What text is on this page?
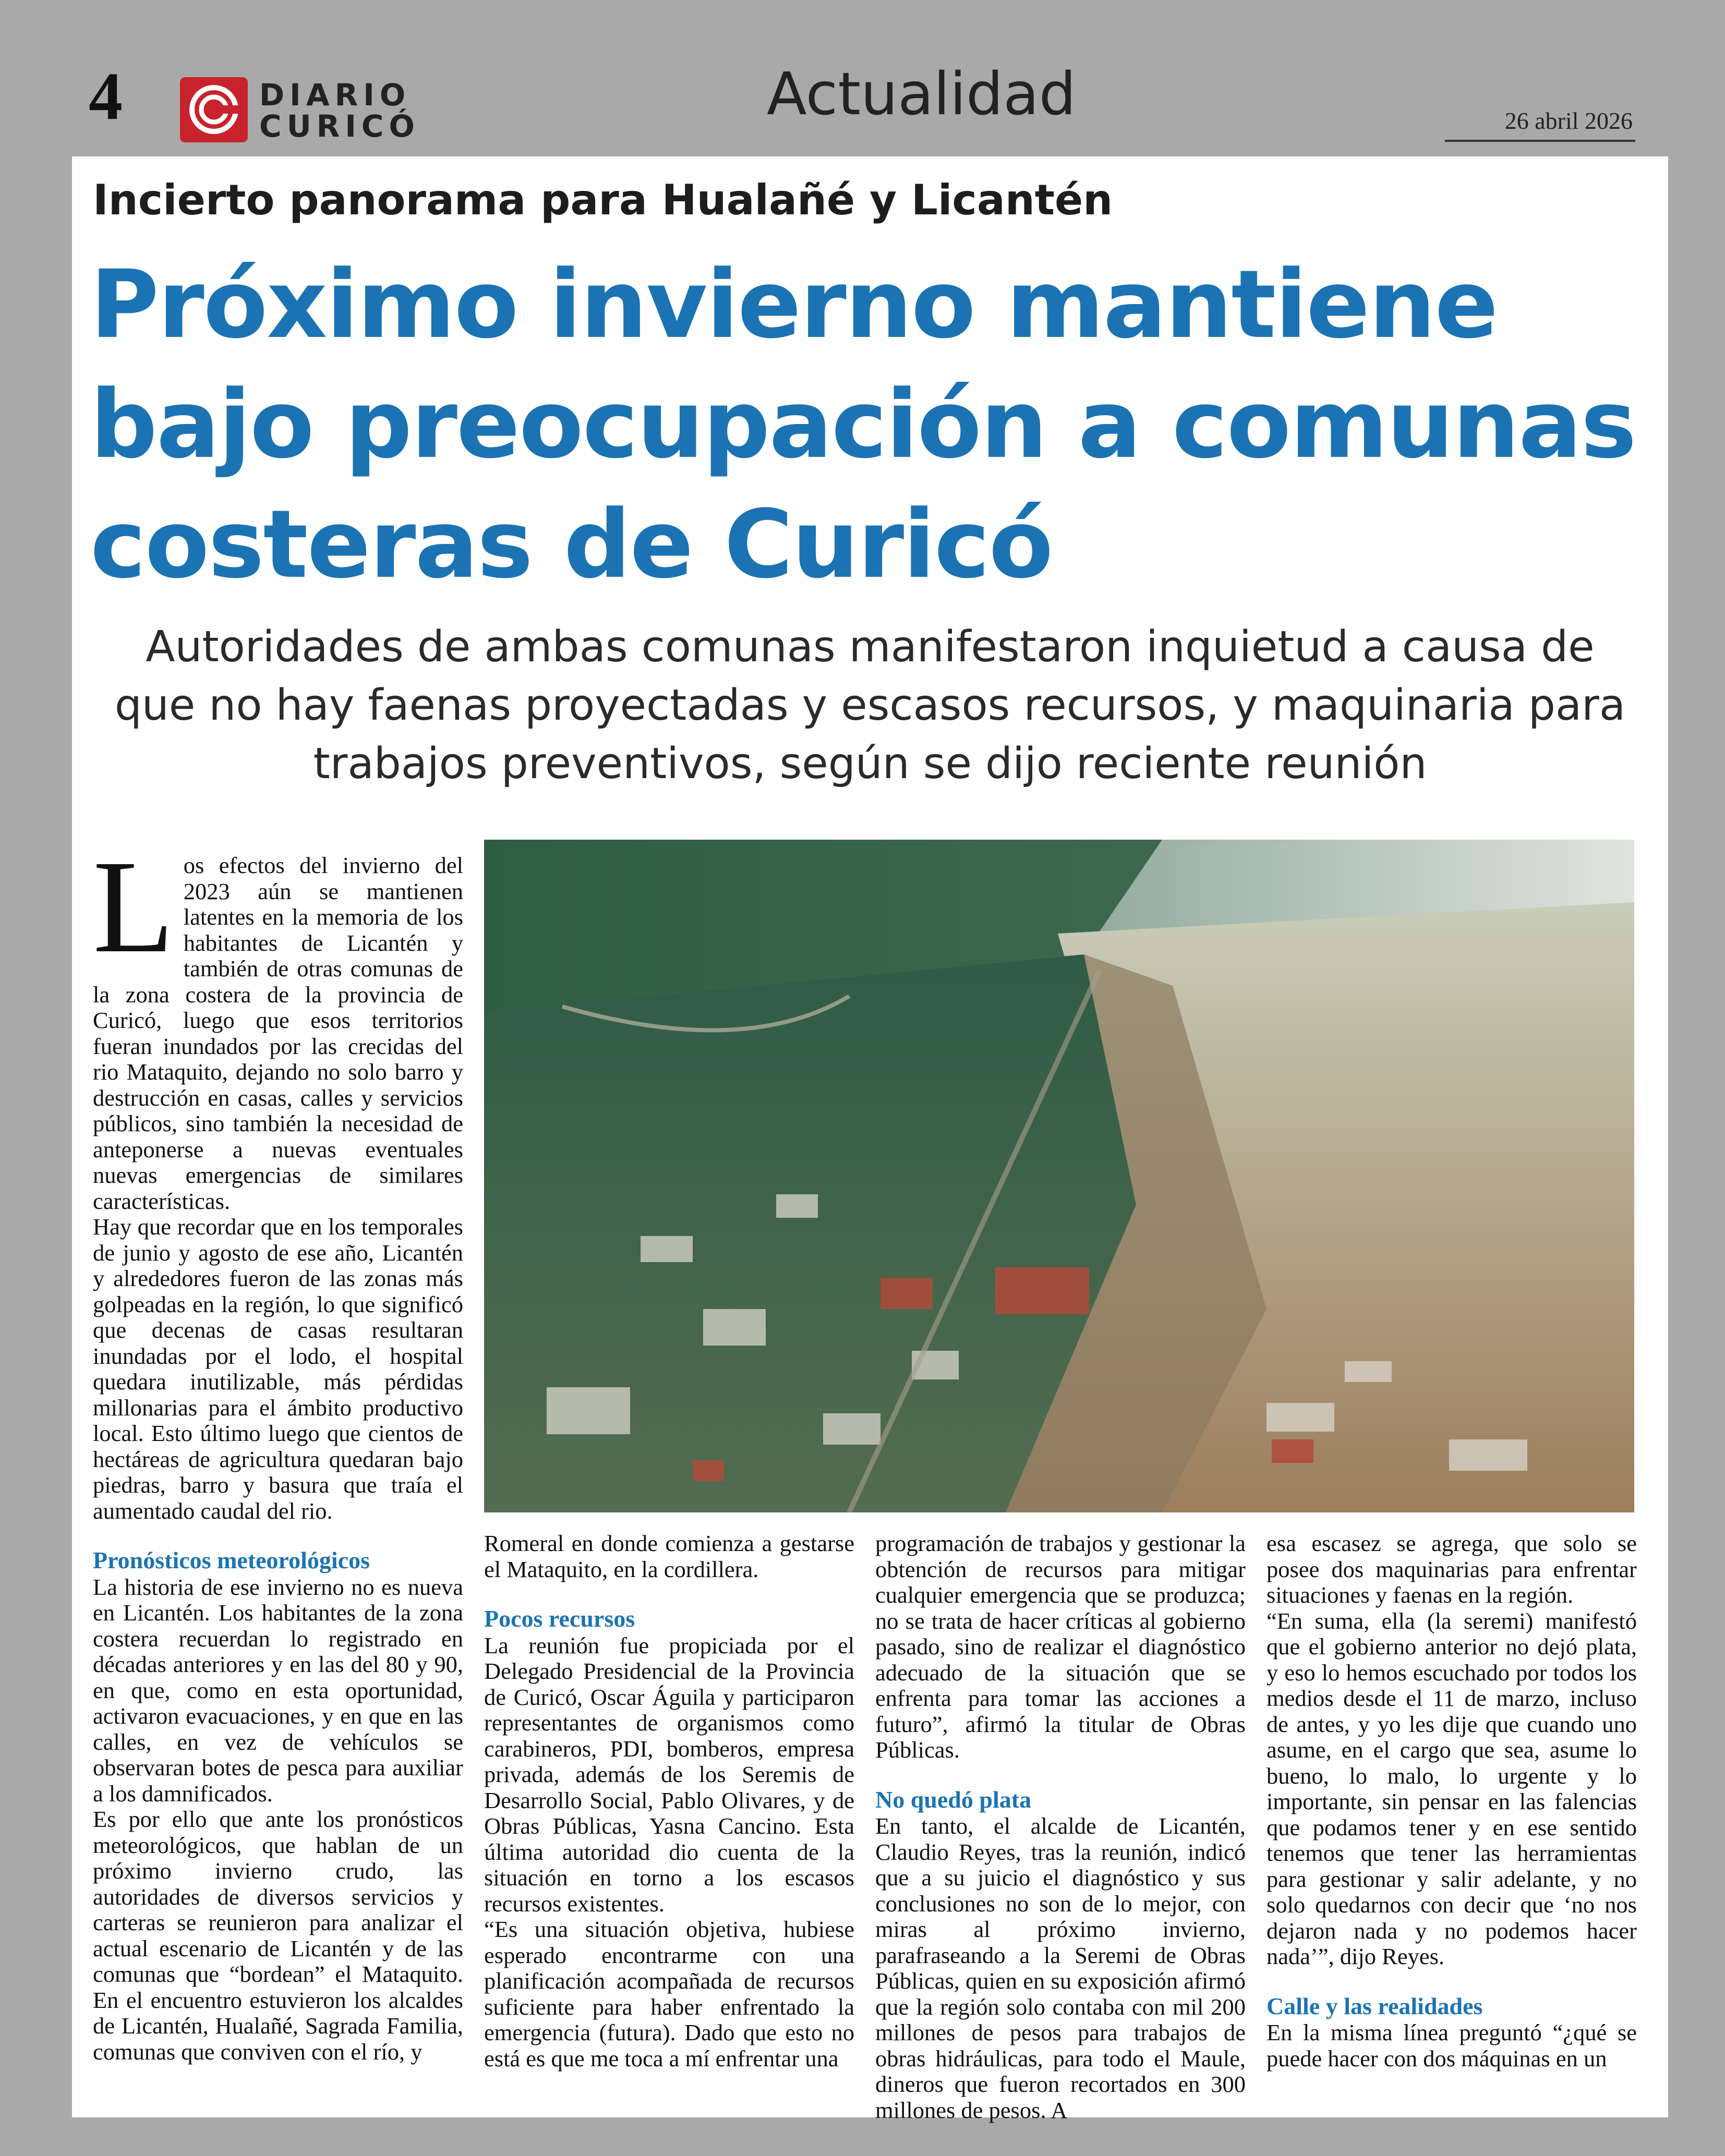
4	DIARIO
CURICÓ	Actualidad	26 abril 2026
Incierto panorama para Hualañé y Licantén
Próximo invierno mantiene
bajo preocupación a comunas
costeras de Curicó
Autoridades de ambas comunas manifestaron inquietud a causa de
que no hay faenas proyectadas y escasos recursos, y maquinaria para
trabajos preventivos, según se dijo reciente reunión

Los efectos del invierno del 2023 aún se mantienen latentes en la memoria de los habitantes de Licantén y también de otras comunas de la zona costera de la provincia de Curicó, luego que esos territorios fueran inundados por las crecidas del rio Mataquito, dejando no solo barro y destrucción en casas, calles y servicios públicos, sino también la necesidad de anteponerse a nuevas eventuales nuevas emergencias de similares características.

Hay que recordar que en los temporales de junio y agosto de ese año, Licantén y alrededores fueron de las zonas más golpeadas en la región, lo que significó que decenas de casas resultaran inundadas por el lodo, el hospital quedara inutilizable, más pérdidas millonarias para el ámbito productivo local. Esto último luego que cientos de hectáreas de agricultura quedaran bajo piedras, barro y basura que traía el aumentado caudal del rio.

Pronósticos meteorológicos

La historia de ese invierno no es nueva en Licantén. Los habitantes de la zona costera recuerdan lo registrado en décadas anteriores y en las del 80 y 90, en que, como en esta oportunidad, activaron evacuaciones, y en que en las calles, en vez de vehículos se observaran botes de pesca para auxiliar a los damnificados.

Es por ello que ante los pronósticos meteorológicos, que hablan de un próximo invierno crudo, las autoridades de diversos servicios y carteras se reunieron para analizar el actual escenario de Licantén y de las comunas que “bordean” el Mataquito. En el encuentro estuvieron los alcaldes de Licantén, Hualañé, Sagrada Familia, comunas que conviven con el río, y

Romeral en donde comienza a gestarse el Mataquito, en la cordillera.

Pocos recursos

La reunión fue propiciada por el Delegado Presidencial de la Provincia de Curicó, Oscar Águila y participaron representantes de organismos como carabineros, PDI, bomberos, empresa privada, además de los Seremis de Desarrollo Social, Pablo Olivares, y de Obras Públicas, Yasna Cancino. Esta última autoridad dio cuenta de la situación en torno a los escasos recursos existentes.

“Es una situación objetiva, hubiese esperado encontrarme con una planificación acompañada de recursos suficiente para haber enfrentado la emergencia (futura). Dado que esto no está es que me toca a mí enfrentar una

programación de trabajos y gestionar la obtención de recursos para mitigar cualquier emergencia que se produzca; no se trata de hacer críticas al gobierno pasado, sino de realizar el diagnóstico adecuado de la situación que se enfrenta para tomar las acciones a futuro”, afirmó la titular de Obras Públicas.

No quedó plata

En tanto, el alcalde de Licantén, Claudio Reyes, tras la reunión, indicó que a su juicio el diagnóstico y sus conclusiones no son de lo mejor, con miras al próximo invierno, parafraseando a la Seremi de Obras Públicas, quien en su exposición afirmó que la región solo contaba con mil 200 millones de pesos para trabajos de obras hidráulicas, para todo el Maule, dineros que fueron recortados en 300 millones de pesos. A

esa escasez se agrega, que solo se posee dos maquinarias para enfrentar situaciones y faenas en la región.

“En suma, ella (la seremi) manifestó que el gobierno anterior no dejó plata, y eso lo hemos escuchado por todos los medios desde el 11 de marzo, incluso de antes, y yo les dije que cuando uno asume, en el cargo que sea, asume lo bueno, lo malo, lo urgente y lo importante, sin pensar en las falencias que podamos tener y en ese sentido tenemos que tener las herramientas para gestionar y salir adelante, y no solo quedarnos con decir que ‘no nos dejaron nada y no podemos hacer nada’”, dijo Reyes.

Calle y las realidades

En la misma línea preguntó “¿qué se puede hacer con dos máquinas en un
